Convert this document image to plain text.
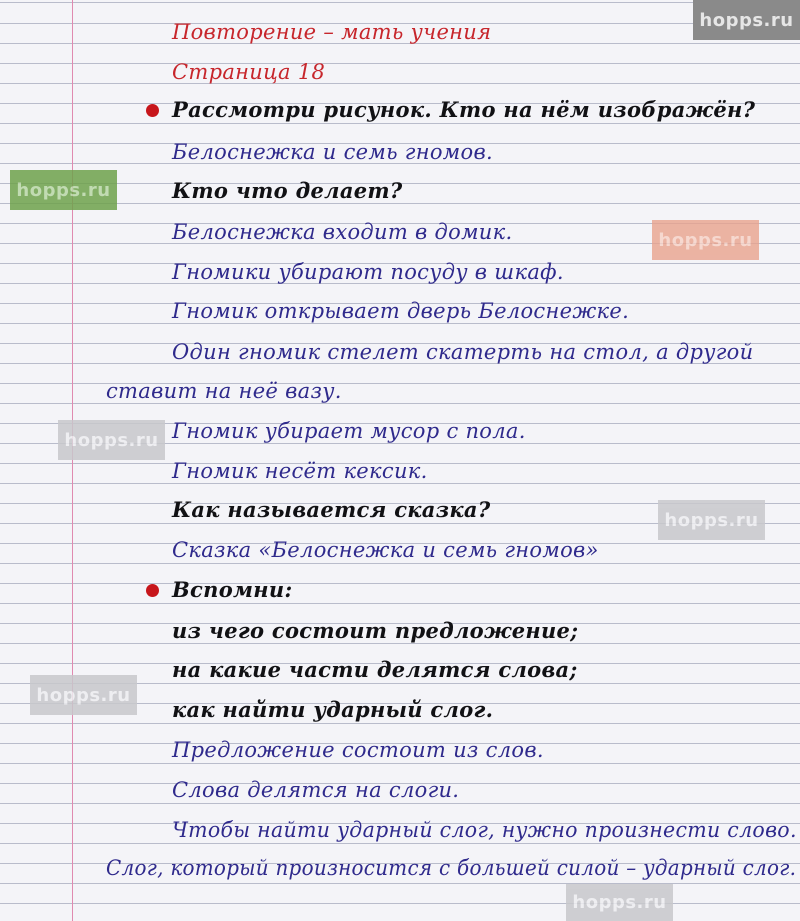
Повторение – мать учения
Страница 18
Рассмотри рисунок. Кто на нём изображён?
Белоснежка и семь гномов.
Кто что делает?
Белоснежка входит в домик.
Гномики убирают посуду в шкаф.
Гномик открывает дверь Белоснежке.
Один гномик стелет скатерть на стол, а другой
ставит на неё вазу.
Гномик убирает мусор с пола.
Гномик несёт кексик.
Как называется сказка?
Сказка «Белоснежка и семь гномов»
Вспомни:
из чего состоит предложение;
на какие части делятся слова;
как найти ударный слог.
Предложение состоит из слов.
Слова делятся на слоги.
Чтобы найти ударный слог, нужно произнести слово.
Слог, который произносится с большей силой – ударный слог.
hopps.ru
hopps.ru
hopps.ru
hopps.ru
hopps.ru
hopps.ru
hopps.ru
